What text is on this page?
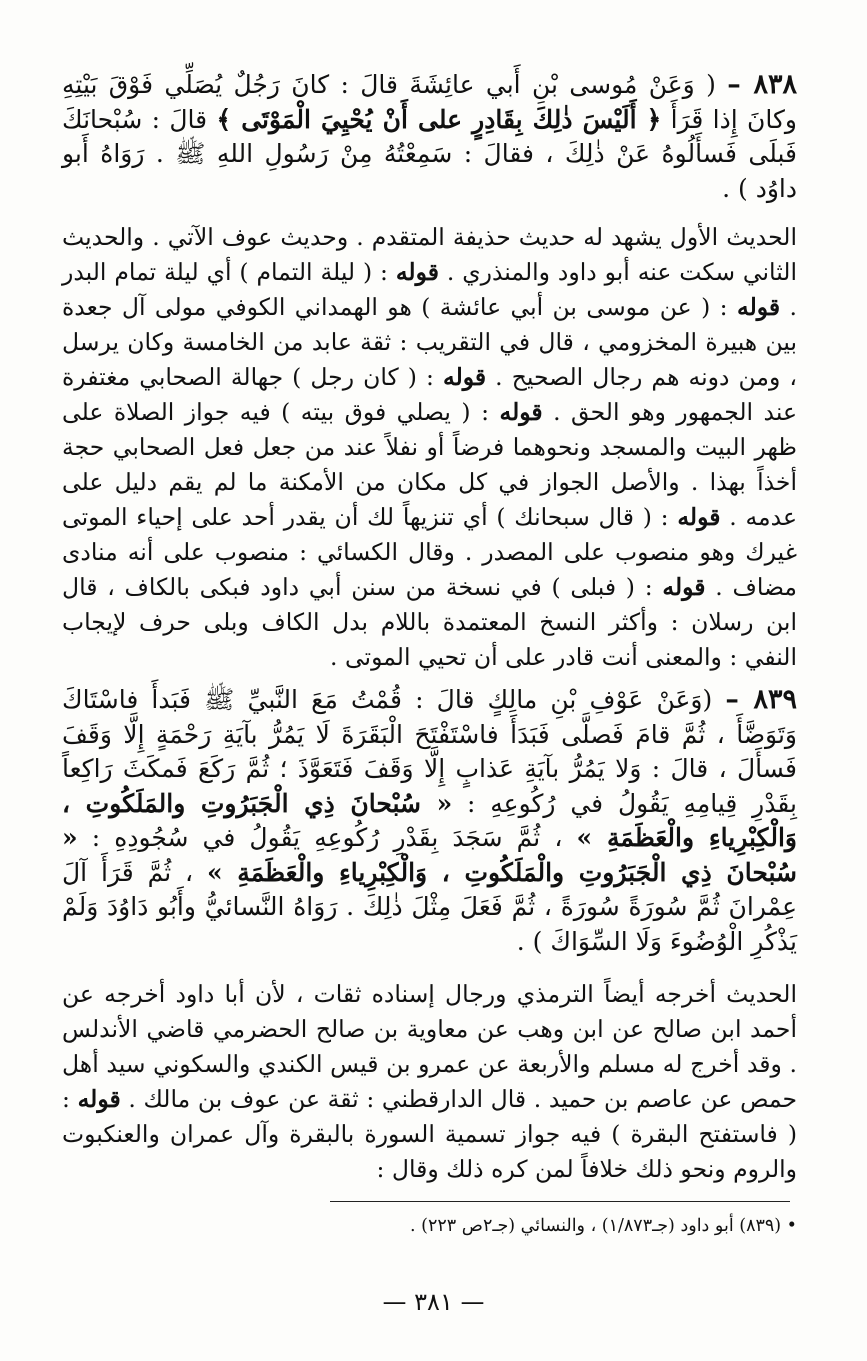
٨٣٨ – ( وَعَنْ مُوسى بْنِ أَبي عائِشَةَ قالَ : كانَ رَجُلٌ يُصَلِّي فَوْقَ بَيْتِهِ وكانَ إِذا قَرَأَ ﴿ أَلَيْسَ ذٰلِكَ بِقَادِرٍ على أَنْ يُحْيِيَ الْمَوْتَى ﴾ قالَ : سُبْحانَكَ فَبلَى فَسأَلُوهُ عَنْ ذٰلِكَ ، فقالَ : سَمِعْتُهُ مِنْ رَسُولِ اللهِ ﷺ . رَوَاهُ أَبو داوُد ) .

الحديث الأول يشهد له حديث حذيفة المتقدم . وحديث عوف الآتي . والحديث الثاني سكت عنه أبو داود والمنذري . قوله : ( ليلة التمام ) أي ليلة تمام البدر . قوله : ( عن موسى بن أبي عائشة ) هو الهمداني الكوفي مولى آل جعدة بين هبيرة المخزومي ، قال في التقريب : ثقة عابد من الخامسة وكان يرسل ، ومن دونه هم رجال الصحيح . قوله : ( كان رجل ) جهالة الصحابي مغتفرة عند الجمهور وهو الحق . قوله : ( يصلي فوق بيته ) فيه جواز الصلاة على ظهر البيت والمسجد ونحوهما فرضاً أو نفلاً عند من جعل فعل الصحابي حجة أخذاً بهذا . والأصل الجواز في كل مكان من الأمكنة ما لم يقم دليل على عدمه . قوله : ( قال سبحانك ) أي تنزيهاً لك أن يقدر أحد على إحياء الموتى غيرك وهو منصوب على المصدر . وقال الكسائي : منصوب على أنه منادى مضاف . قوله : ( فبلى ) في نسخة من سنن أبي داود فبكى بالكاف ، قال ابن رسلان : وأكثر النسخ المعتمدة باللام بدل الكاف وبلى حرف لإيجاب النفي : والمعنى أنت قادر على أن تحيي الموتى .

٨٣٩ – (وَعَنْ عَوْفِ بْنِ مالِكٍ قالَ : قُمْتُ مَعَ النَّبيِّ ﷺ فَبَدأَ فاسْتَاكَ وَتَوَضَّأَ ، ثُمَّ قامَ فَصلَّى فَبَدَأَ فاسْتَفْتَحَ الْبَقَرَةَ لَا يَمُرُّ بآيَةِ رَحْمَةٍ إِلَّا وَقَفَ فَسأَلَ ، قالَ : وَلا يَمُرُّ بآيَةِ عَذابٍ إِلَّا وَقَفَ فَتَعَوَّذَ ؛ ثُمَّ رَكَعَ فَمكَثَ رَاكِعاً بِقَدْرِ قِيامِهِ يَقُولُ في رُكُوعِهِ : « سُبْحانَ ذِي الْجَبَرُوتِ والمَلَكُوتِ ، وَالْكِبْرِياءِ والْعَظَمَةِ » ، ثُمَّ سَجَدَ بِقَدْرِ رُكُوعِهِ يَقُولُ في سُجُودِهِ : « سُبْحانَ ذِي الْجَبَرُوتِ والْمَلَكُوتِ ، وَالْكِبْرِياءِ والْعَظَمَةِ » ، ثُمَّ قَرَأَ آلَ عِمْرانَ ثُمَّ سُورَةً سُورَةً ، ثُمَّ فَعَلَ مِثْلَ ذٰلِكَ . رَوَاهُ النَّسائيُّ وأَبُو دَاوُدَ وَلَمْ يَذْكُرِ الْوُضُوءَ وَلَا السِّوَاكَ ) .

الحديث أخرجه أيضاً الترمذي ورجال إسناده ثقات ، لأن أبا داود أخرجه عن أحمد ابن صالح عن ابن وهب عن معاوية بن صالح الحضرمي قاضي الأندلس . وقد أخرج له مسلم والأربعة عن عمرو بن قيس الكندي والسكوني سيد أهل حمص عن عاصم بن حميد . قال الدارقطني : ثقة عن عوف بن مالك . قوله : ( فاستفتح البقرة ) فيه جواز تسمية السورة بالبقرة وآل عمران والعنكبوت والروم ونحو ذلك خلافاً لمن كره ذلك وقال :

• (٨٣٩) أبو داود (جـ١/٨٧٣) ، والنسائي (جـ٢ص ٢٢٣) .
— ٣٨١ —
